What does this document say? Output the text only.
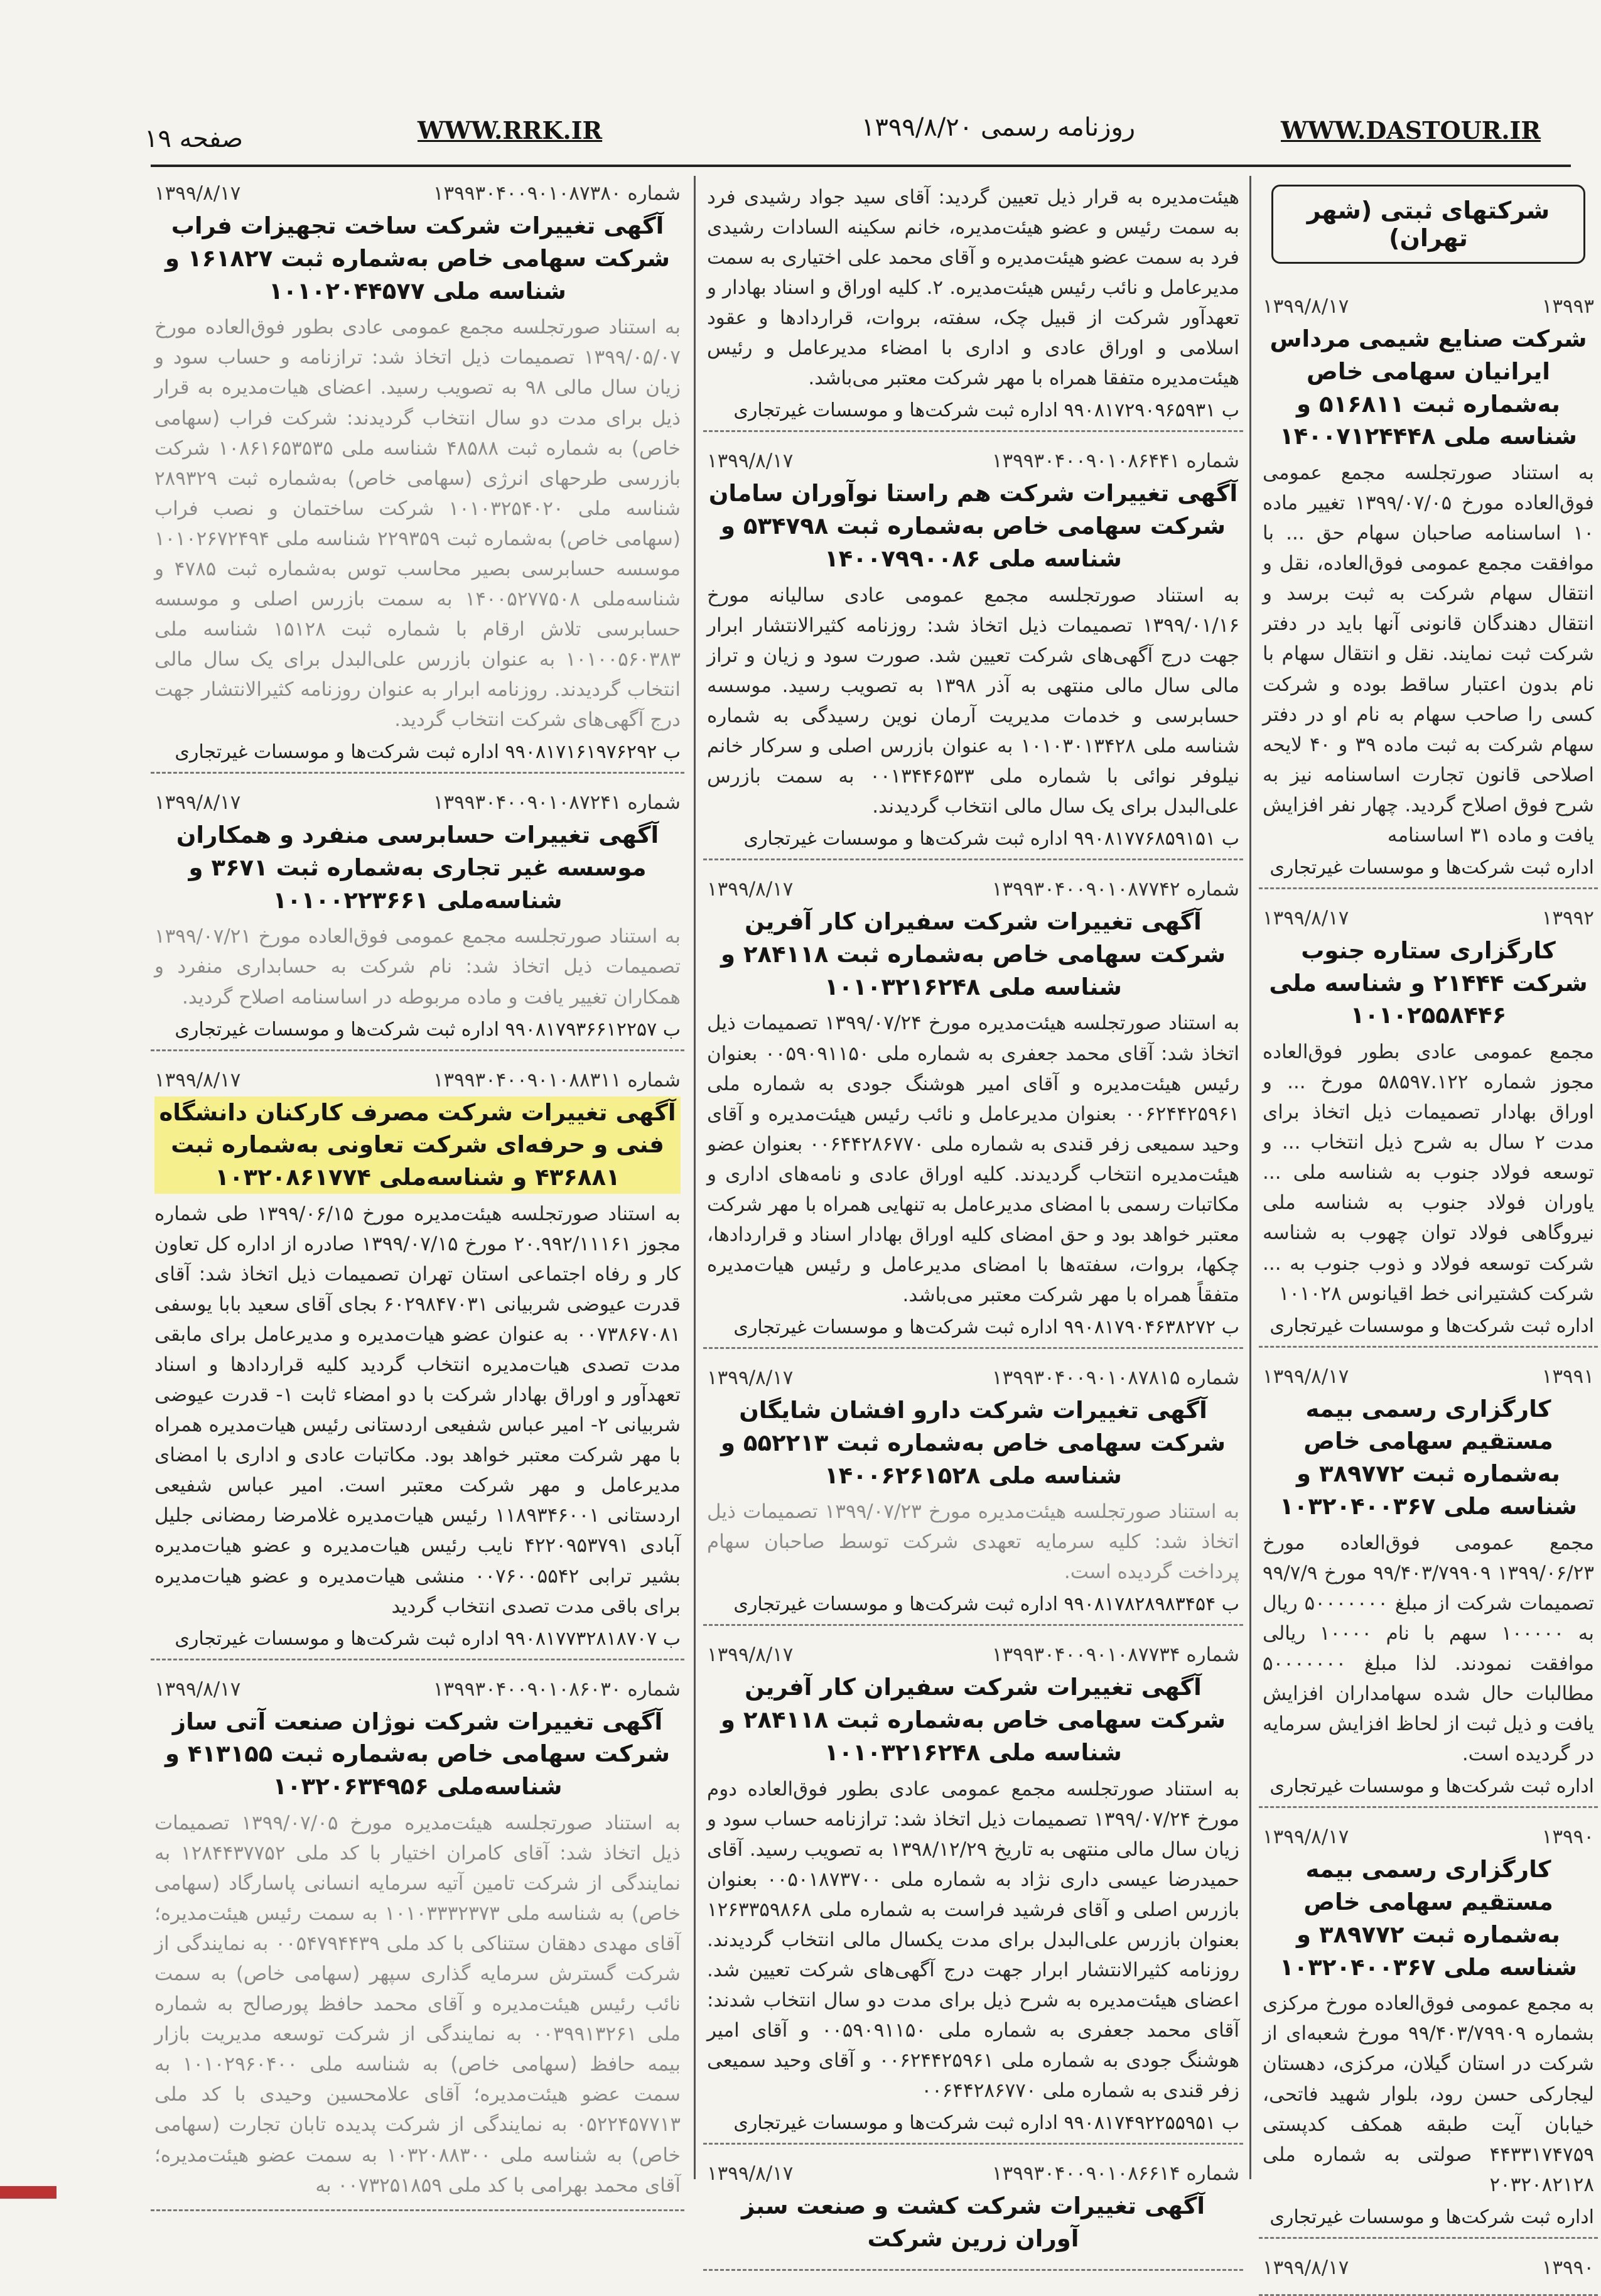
WWW.DASTOUR.IR
روزنامه رسمی ۱۳۹۹/۸/۲۰
WWW.RRK.IR
صفحه ۱۹
شرکتهای ثبتی (شهر تهران)
۱۳۹۹۳
۱۳۹۹/۸/۱۷
شرکت صنایع شیمی مرداس ایرانیان سهامی خاص به‌شماره ثبت ۵۱۶۸۱۱ و شناسه ملی ۱۴۰۰۷۱۲۴۴۴۸
به استناد صورتجلسه مجمع عمومی فوق‌العاده مورخ ۱۳۹۹/۰۷/۰۵ تغییر ماده ۱۰ اساسنامه صاحبان سهام حق ... با موافقت مجمع عمومی فوق‌العاده، نقل و انتقال سهام شرکت به ثبت برسد و انتقال دهندگان قانونی آنها باید در دفتر شرکت ثبت نمایند. نقل و انتقال سهام با نام بدون اعتبار ساقط بوده و شرکت کسی را صاحب سهام به نام او در دفتر سهام شرکت به ثبت ماده ۳۹ و ۴۰ لایحه اصلاحی قانون تجارت اساسنامه نیز به شرح فوق اصلاح گردید. چهار نفر افزایش یافت و ماده ۳۱ اساسنامه
اداره ثبت شرکت‌ها و موسسات غیرتجاری
۱۳۹۹۲
۱۳۹۹/۸/۱۷
کارگزاری ستاره جنوب شرکت ۲۱۴۴۴ و شناسه ملی ۱۰۱۰۲۵۵۸۴۴۶
مجمع عمومی عادی بطور فوق‌العاده مجوز شماره ۵۸۵۹۷.۱۲۲ مورخ ... و اوراق بهادار تصمیمات ذیل اتخاذ برای مدت ۲ سال به شرح ذیل انتخاب ... و توسعه فولاد جنوب به شناسه ملی ... یاوران فولاد جنوب به شناسه ملی نیروگاهی فولاد توان چهوب به شناسه شرکت توسعه فولاد و ذوب جنوب به ... شرکت کشتیرانی خط اقیانوس ۱۰۱۰۲۸
اداره ثبت شرکت‌ها و موسسات غیرتجاری
۱۳۹۹۱
۱۳۹۹/۸/۱۷
کارگزاری رسمی بیمه مستقیم سهامی خاص به‌شماره ثبت ۳۸۹۷۷۲ و شناسه ملی ۱۰۳۲۰۴۰۰۳۶۷
مجمع عمومی فوق‌العاده مورخ ۱۳۹۹/۰۶/۲۳ ۹۹/۴۰۳/۷۹۹۰۹ مورخ ۹۹/۷/۹ تصمیمات شرکت از مبلغ ۵۰۰۰۰۰۰۰ ریال به ۱۰۰۰۰۰ سهم با نام ۱۰۰۰۰ ریالی موافقت نمودند. لذا مبلغ ۵۰۰۰۰۰۰۰ مطالبات حال شده سهامداران افزایش یافت و ذیل ثبت از لحاظ افزایش سرمایه در گردیده است.
اداره ثبت شرکت‌ها و موسسات غیرتجاری
۱۳۹۹۰
۱۳۹۹/۸/۱۷
کارگزاری رسمی بیمه مستقیم سهامی خاص به‌شماره ثبت ۳۸۹۷۷۲ و شناسه ملی ۱۰۳۲۰۴۰۰۳۶۷
به مجمع عمومی فوق‌العاده مورخ مرکزی بشماره ۹۹/۴۰۳/۷۹۹۰۹ مورخ شعبه‌ای از شرکت در استان گیلان، مرکزی، دهستان لیجارکی حسن رود، بلوار شهید فاتحی، خیابان آیت طبقه همکف کدپستی ۴۴۳۳۱۷۴۷۵۹ صولتی به شماره ملی ۲۰۳۲۰۸۲۱۲۸
اداره ثبت شرکت‌ها و موسسات غیرتجاری
۱۳۹۹۰
۱۳۹۹/۸/۱۷
هیئت‌مدیره به قرار ذیل تعیین گردید: آقای سید جواد رشیدی فرد به سمت رئیس و عضو هیئت‌مدیره، خانم سکینه السادات رشیدی فرد به سمت عضو هیئت‌مدیره و آقای محمد علی اختیاری به سمت مدیرعامل و نائب رئیس هیئت‌مدیره. ۲. کلیه اوراق و اسناد بهادار و تعهدآور شرکت از قبیل چک، سفته، بروات، قراردادها و عقود اسلامی و اوراق عادی و اداری با امضاء مدیرعامل و رئیس هیئت‌مدیره متفقا همراه با مهر شرکت معتبر می‌باشد.
ب ۹۹۰۸۱۷۲۹۰۹۶۵۹۳۱ اداره ثبت شرکت‌ها و موسسات غیرتجاری
شماره ۱۳۹۹۳۰۴۰۰۹۰۱۰۸۶۴۴۱
۱۳۹۹/۸/۱۷
آگهی تغییرات شرکت هم راستا نوآوران سامان شرکت سهامی خاص به‌شماره ثبت ۵۳۴۷۹۸ و شناسه ملی ۱۴۰۰۷۹۹۰۰۸۶
به استناد صورتجلسه مجمع عمومی عادی سالیانه مورخ ۱۳۹۹/۰۱/۱۶ تصمیمات ذیل اتخاذ شد: روزنامه کثیرالانتشار ابرار جهت درج آگهی‌های شرکت تعیین شد. صورت سود و زیان و تراز مالی سال مالی منتهی به آذر ۱۳۹۸ به تصویب رسید. موسسه حسابرسی و خدمات مدیریت آرمان نوین رسیدگی به شماره شناسه ملی ۱۰۱۰۳۰۱۳۴۲۸ به عنوان بازرس اصلی و سرکار خانم نیلوفر نوائی با شماره ملی ۰۰۱۳۴۴۶۵۳۳ به سمت بازرس علی‌البدل برای یک سال مالی انتخاب گردیدند.
ب ۹۹۰۸۱۷۷۶۸۵۹۱۵۱ اداره ثبت شرکت‌ها و موسسات غیرتجاری
شماره ۱۳۹۹۳۰۴۰۰۹۰۱۰۸۷۷۴۲
۱۳۹۹/۸/۱۷
آگهی تغییرات شرکت سفیران کار آفرین شرکت سهامی خاص به‌شماره ثبت ۲۸۴۱۱۸ و شناسه ملی ۱۰۱۰۳۲۱۶۲۴۸
به استناد صورتجلسه هیئت‌مدیره مورخ ۱۳۹۹/۰۷/۲۴ تصمیمات ذیل اتخاذ شد: آقای محمد جعفری به شماره ملی ۰۰۵۹۰۹۱۱۵۰ بعنوان رئیس هیئت‌مدیره و آقای امیر هوشنگ جودی به شماره ملی ۰۰۶۲۴۴۲۵۹۶۱ بعنوان مدیرعامل و نائب رئیس هیئت‌مدیره و آقای وحید سمیعی زفر قندی به شماره ملی ۰۰۶۴۴۲۸۶۷۷۰ بعنوان عضو هیئت‌مدیره انتخاب گردیدند. کلیه اوراق عادی و نامه‌های اداری و مکاتبات رسمی با امضای مدیرعامل به تنهایی همراه با مهر شرکت معتبر خواهد بود و حق امضای کلیه اوراق بهادار اسناد و قراردادها، چکها، بروات، سفته‌ها با امضای مدیرعامل و رئیس هیات‌مدیره متفقاً همراه با مهر شرکت معتبر می‌باشد.
ب ۹۹۰۸۱۷۹۰۴۶۳۸۲۷۲ اداره ثبت شرکت‌ها و موسسات غیرتجاری
شماره ۱۳۹۹۳۰۴۰۰۹۰۱۰۸۷۸۱۵
۱۳۹۹/۸/۱۷
آگهی تغییرات شرکت دارو افشان شایگان شرکت سهامی خاص به‌شماره ثبت ۵۵۲۲۱۳ و شناسه ملی ۱۴۰۰۶۲۶۱۵۲۸
به استناد صورتجلسه هیئت‌مدیره مورخ ۱۳۹۹/۰۷/۲۳ تصمیمات ذیل اتخاذ شد: کلیه سرمایه تعهدی شرکت توسط صاحبان سهام پرداخت گردیده است.
ب ۹۹۰۸۱۷۸۲۸۹۸۳۴۵۴ اداره ثبت شرکت‌ها و موسسات غیرتجاری
شماره ۱۳۹۹۳۰۴۰۰۹۰۱۰۸۷۷۳۴
۱۳۹۹/۸/۱۷
آگهی تغییرات شرکت سفیران کار آفرین شرکت سهامی خاص به‌شماره ثبت ۲۸۴۱۱۸ و شناسه ملی ۱۰۱۰۳۲۱۶۲۴۸
به استناد صورتجلسه مجمع عمومی عادی بطور فوق‌العاده دوم مورخ ۱۳۹۹/۰۷/۲۴ تصمیمات ذیل اتخاذ شد: ترازنامه حساب سود و زیان سال مالی منتهی به تاریخ ۱۳۹۸/۱۲/۲۹ به تصویب رسید. آقای حمیدرضا عیسی داری نژاد به شماره ملی ۰۰۵۰۱۸۷۳۷۰۰ بعنوان بازرس اصلی و آقای فرشید فراست به شماره ملی ۱۲۶۳۳۵۹۸۶۸ بعنوان بازرس علی‌البدل برای مدت یکسال مالی انتخاب گردیدند. روزنامه کثیرالانتشار ابرار جهت درج آگهی‌های شرکت تعیین شد. اعضای هیئت‌مدیره به شرح ذیل برای مدت دو سال انتخاب شدند: آقای محمد جعفری به شماره ملی ۰۰۵۹۰۹۱۱۵۰ و آقای امیر هوشنگ جودی به شماره ملی ۰۰۶۲۴۴۲۵۹۶۱ و آقای وحید سمیعی زفر قندی به شماره ملی ۰۰۶۴۴۲۸۶۷۷۰
ب ۹۹۰۸۱۷۴۹۲۲۵۵۹۵۱ اداره ثبت شرکت‌ها و موسسات غیرتجاری
شماره ۱۳۹۹۳۰۴۰۰۹۰۱۰۸۶۶۱۴
۱۳۹۹/۸/۱۷
آگهی تغییرات شرکت کشت و صنعت سبز آوران زرین شرکت
شماره ۱۳۹۹۳۰۴۰۰۹۰۱۰۸۷۳۸۰
۱۳۹۹/۸/۱۷
آگهی تغییرات شرکت ساخت تجهیزات فراب شرکت سهامی خاص به‌شماره ثبت ۱۶۱۸۲۷ و شناسه ملی ۱۰۱۰۲۰۴۴۵۷۷
به استناد صورتجلسه مجمع عمومی عادی بطور فوق‌العاده مورخ ۱۳۹۹/۰۵/۰۷ تصمیمات ذیل اتخاذ شد: ترازنامه و حساب سود و زیان سال مالی ۹۸ به تصویب رسید. اعضای هیات‌مدیره به قرار ذیل برای مدت دو سال انتخاب گردیدند: شرکت فراب (سهامی خاص) به شماره ثبت ۴۸۵۸۸ شناسه ملی ۱۰۸۶۱۶۵۳۵۳۵ شرکت بازرسی طرحهای انرژی (سهامی خاص) به‌شماره ثبت ۲۸۹۳۲۹ شناسه ملی ۱۰۱۰۳۲۵۴۰۲۰ شرکت ساختمان و نصب فراب (سهامی خاص) به‌شماره ثبت ۲۲۹۳۵۹ شناسه ملی ۱۰۱۰۲۶۷۲۴۹۴ موسسه حسابرسی بصیر محاسب توس به‌شماره ثبت ۴۷۸۵ و شناسه‌ملی ۱۴۰۰۵۲۷۷۵۰۸ به سمت بازرس اصلی و موسسه حسابرسی تلاش ارقام با شماره ثبت ۱۵۱۲۸ شناسه ملی ۱۰۱۰۰۵۶۰۳۸۳ به عنوان بازرس علی‌البدل برای یک سال مالی انتخاب گردیدند. روزنامه ابرار به عنوان روزنامه کثیرالانتشار جهت درج آگهی‌های شرکت انتخاب گردید.
ب ۹۹۰۸۱۷۱۶۱۹۷۶۲۹۲ اداره ثبت شرکت‌ها و موسسات غیرتجاری
شماره ۱۳۹۹۳۰۴۰۰۹۰۱۰۸۷۲۴۱
۱۳۹۹/۸/۱۷
آگهی تغییرات حسابرسی منفرد و همکاران موسسه غیر تجاری به‌شماره ثبت ۳۶۷۱ و شناسه‌ملی ۱۰۱۰۰۲۲۳۶۶۱
به استناد صورتجلسه مجمع عمومی فوق‌العاده مورخ ۱۳۹۹/۰۷/۲۱ تصمیمات ذیل اتخاذ شد: نام شرکت به حسابداری منفرد و همکاران تغییر یافت و ماده مربوطه در اساسنامه اصلاح گردید.
ب ۹۹۰۸۱۷۹۳۶۶۱۲۲۵۷ اداره ثبت شرکت‌ها و موسسات غیرتجاری
شماره ۱۳۹۹۳۰۴۰۰۹۰۱۰۸۸۳۱۱
۱۳۹۹/۸/۱۷
آگهی تغییرات شرکت مصرف کارکنان دانشگاه فنی و حرفه‌ای شرکت تعاونی به‌شماره ثبت ۴۳۶۸۸۱ و شناسه‌ملی ۱۰۳۲۰۸۶۱۷۷۴
به استناد صورتجلسه هیئت‌مدیره مورخ ۱۳۹۹/۰۶/۱۵ طی شماره مجوز ۲۰.۹۹۲/۱۱۱۶۱ مورخ ۱۳۹۹/۰۷/۱۵ صادره از اداره کل تعاون کار و رفاه اجتماعی استان تهران تصمیمات ذیل اتخاذ شد: آقای قدرت عیوضی شربیانی ۶۰۲۹۸۴۷۰۳۱ بجای آقای سعید بابا یوسفی ۰۰۷۳۸۶۷۰۸۱ به عنوان عضو هیات‌مدیره و مدیرعامل برای مابقی مدت تصدی هیات‌مدیره انتخاب گردید کلیه قراردادها و اسناد تعهدآور و اوراق بهادار شرکت با دو امضاء ثابت ۱- قدرت عیوضی شربیانی ۲- امیر عباس شفیعی اردستانی رئیس هیات‌مدیره همراه با مهر شرکت معتبر خواهد بود. مکاتبات عادی و اداری با امضای مدیرعامل و مهر شرکت معتبر است. امیر عباس شفیعی اردستانی ۱۱۸۹۳۴۶۰۰۱ رئیس هیات‌مدیره غلامرضا رمضانی جلیل آبادی ۴۲۲۰۹۵۳۷۹۱ نایب رئیس هیات‌مدیره و عضو هیات‌مدیره بشیر ترابی ۰۰۷۶۰۰۵۵۴۲ منشی هیات‌مدیره و عضو هیات‌مدیره برای باقی مدت تصدی انتخاب گردید
ب ۹۹۰۸۱۷۷۳۲۸۱۸۷۰۷ اداره ثبت شرکت‌ها و موسسات غیرتجاری
شماره ۱۳۹۹۳۰۴۰۰۹۰۱۰۸۶۰۳۰
۱۳۹۹/۸/۱۷
آگهی تغییرات شرکت نوژان صنعت آتی ساز شرکت سهامی خاص به‌شماره ثبت ۴۱۳۱۵۵ و شناسه‌ملی ۱۰۳۲۰۶۳۴۹۵۶
به استناد صورتجلسه هیئت‌مدیره مورخ ۱۳۹۹/۰۷/۰۵ تصمیمات ذیل اتخاذ شد: آقای کامران اختیار با کد ملی ۱۲۸۴۴۳۷۷۵۲ به نمایندگی از شرکت تامین آتیه سرمایه انسانی پاسارگاد (سهامی خاص) به شناسه ملی ۱۰۱۰۳۳۳۲۳۷۳ به سمت رئیس هیئت‌مدیره؛ آقای مهدی دهقان ستناکی با کد ملی ۰۰۵۴۷۹۴۴۳۹ به نمایندگی از شرکت گسترش سرمایه گذاری سپهر (سهامی خاص) به سمت نائب رئیس هیئت‌مدیره و آقای محمد حافظ پورصالح به شماره ملی ۰۰۳۹۹۱۳۲۶۱ به نمایندگی از شرکت توسعه مدیریت بازار بیمه حافظ (سهامی خاص) به شناسه ملی ۱۰۱۰۲۹۶۰۴۰۰ به سمت عضو هیئت‌مدیره؛ آقای علامحسین وحیدی با کد ملی ۰۵۲۲۴۵۷۷۱۳ به نمایندگی از شرکت پدیده تابان تجارت (سهامی خاص) به شناسه ملی ۱۰۳۲۰۸۸۳۰۰ به سمت عضو هیئت‌مدیره؛ آقای محمد بهرامی با کد ملی ۰۰۷۳۲۵۱۸۵۹ به
